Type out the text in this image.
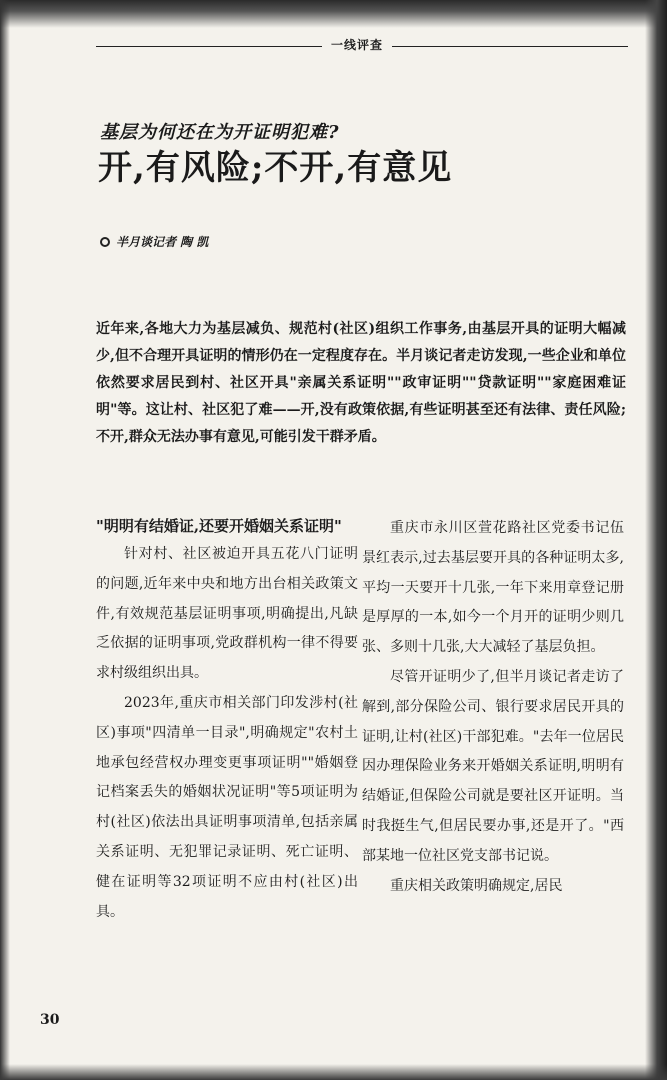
一线评查
基层为何还在为开证明犯难?
开,有风险;不开,有意见
半月谈记者 陶 凯

近年来,各地大力为基层减负、规范村(社区)组织工作事务,由基层开具的证明大幅减少,但不合理开具证明的情形仍在一定程度存在。半月谈记者走访发现,一些企业和单位依然要求居民到村、社区开具"亲属关系证明""政审证明""贷款证明""家庭困难证明"等。这让村、社区犯了难——开,没有政策依据,有些证明甚至还有法律、责任风险;不开,群众无法办事有意见,可能引发干群矛盾。

"明明有结婚证,还要开婚姻关系证明"

针对村、社区被迫开具五花八门证明的问题,近年来中央和地方出台相关政策文件,有效规范基层证明事项,明确提出,凡缺乏依据的证明事项,党政群机构一律不得要求村级组织出具。

2023年,重庆市相关部门印发涉村(社区)事项"四清单一目录",明确规定"农村土地承包经营权办理变更事项证明""婚姻登记档案丢失的婚姻状况证明"等5项证明为村(社区)依法出具证明事项清单,包括亲属关系证明、无犯罪记录证明、死亡证明、健在证明等32项证明不应由村(社区)出具。

重庆市永川区萱花路社区党委书记伍景红表示,过去基层要开具的各种证明太多,平均一天要开十几张,一年下来用章登记册是厚厚的一本,如今一个月开的证明少则几张、多则十几张,大大减轻了基层负担。

尽管开证明少了,但半月谈记者走访了解到,部分保险公司、银行要求居民开具的证明,让村(社区)干部犯难。"去年一位居民因办理保险业务来开婚姻关系证明,明明有结婚证,但保险公司就是要社区开证明。当时我挺生气,但居民要办事,还是开了。"西部某地一位社区党支部书记说。

重庆相关政策明确规定,居民

30
